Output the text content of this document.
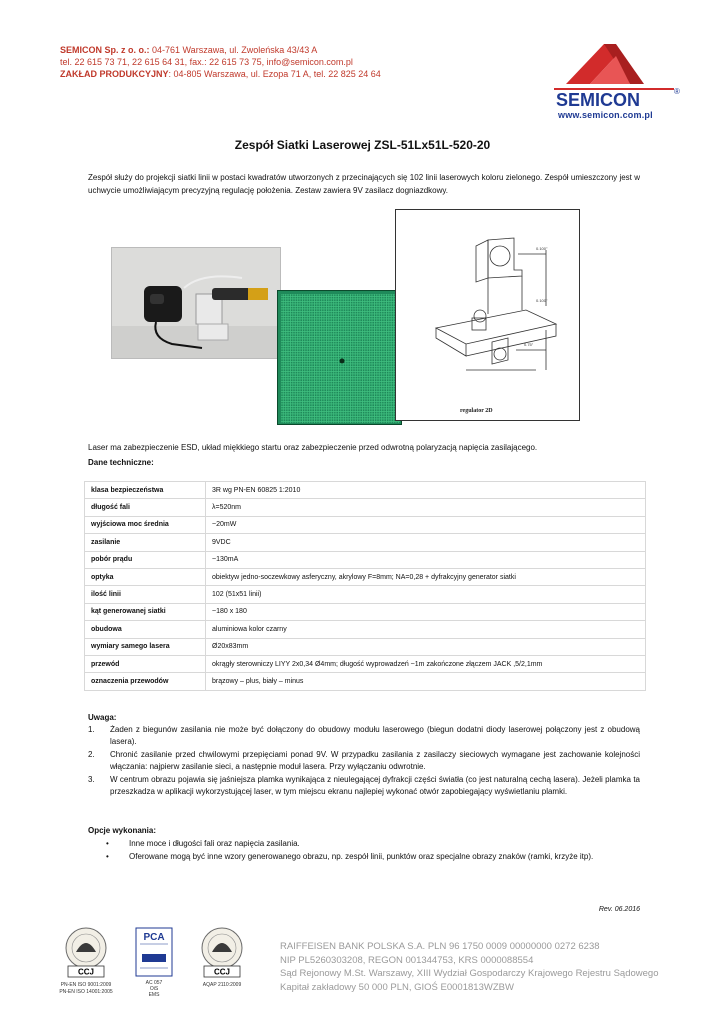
SEMICON Sp. z o. o.: 04-761 Warszawa, ul. Zwoleńska 43/43 A
tel. 22 615 73 71, 22 615 64 31, fax.: 22 615 73 75, info@semicon.com.pl
ZAKŁAD PRODUKCYJNY: 04-805 Warszawa, ul. Ezopa 71 A, tel. 22 825 24 64
SEMICON	®
www.semicon.com.pl
Zespół Siatki Laserowej ZSL-51Lx51L-520-20
Zespół służy do projekcji siatki linii w postaci kwadratów utworzonych z przecinających się 102 linii laserowych koloru zielonego. Zespół umieszczony jest w uchwycie umożliwiającym precyzyjną regulację położenia. Zestaw zawiera 9V zasilacz dogniazdkowy.
0.100"
0.100"
0.75"
regulator 2D
Laser ma zabezpieczenie ESD, układ miękkiego startu oraz zabezpieczenie przed odwrotną polaryzacją napięcia zasilającego.
Dane techniczne:
klasa bezpieczeństwa	3R wg PN-EN 60825 1:2010
długość fali	λ=520nm
wyjściowa moc średnia	~20mW
zasilanie	9VDC
pobór prądu	~130mA
optyka	obiektyw jedno-soczewkowy asferyczny, akrylowy F=8mm; NA=0,28 + dyfrakcyjny generator siatki
ilość linii	102 (51x51 linii)
kąt generowanej siatki	~180 x 180
obudowa	aluminiowa kolor czarny
wymiary samego lasera	Ø20x83mm
przewód	okrągły sterowniczy LIYY 2x0,34 Ø4mm; długość wyprowadzeń ~1m zakończone złączem JACK ,5/2,1mm
oznaczenia przewodów	brązowy – plus, biały – minus
Uwaga:
1. Żaden z biegunów zasilania nie może być dołączony do obudowy modułu laserowego (biegun dodatni diody laserowej połączony jest z obudową lasera).
2. Chronić zasilanie przed chwilowymi przepięciami ponad 9V. W przypadku zasilania z zasilaczy sieciowych wymagane jest zachowanie kolejności włączania: najpierw zasilanie sieci, a następnie moduł lasera. Przy wyłączaniu odwrotnie.
3. W centrum obrazu pojawia się jaśniejsza plamka wynikająca z nieulegającej dyfrakcji części światła (co jest naturalną cechą lasera). Jeżeli plamka ta przeszkadza w aplikacji wykorzystującej laser, w tym miejscu ekranu najlepiej wykonać otwór zapobiegający wyświetlaniu plamki.
Opcje wykonania:
•	Inne moce i długości fali oraz napięcia zasilania.
•	Oferowane mogą być inne wzory generowanego obrazu, np. zespół linii, punktów oraz specjalne obrazy znaków (ramki, krzyże itp).
Rev. 06.2016
CCJ
PN-EN ISO 9001:2009
PN-EN ISO 14001:2005
PCA
AC 057
OiS
EMS
CCJ
AQAP 2110:2009
RAIFFEISEN BANK POLSKA S.A. PLN 96 1750 0009 00000000 0272 6238
NIP PL5260303208, REGON 001344753, KRS 0000088554
Sąd Rejonowy M.St. Warszawy, XIII Wydział Gospodarczy Krajowego Rejestru Sądowego
Kapitał zakładowy 50 000 PLN, GIOŚ E0001813WZBW
